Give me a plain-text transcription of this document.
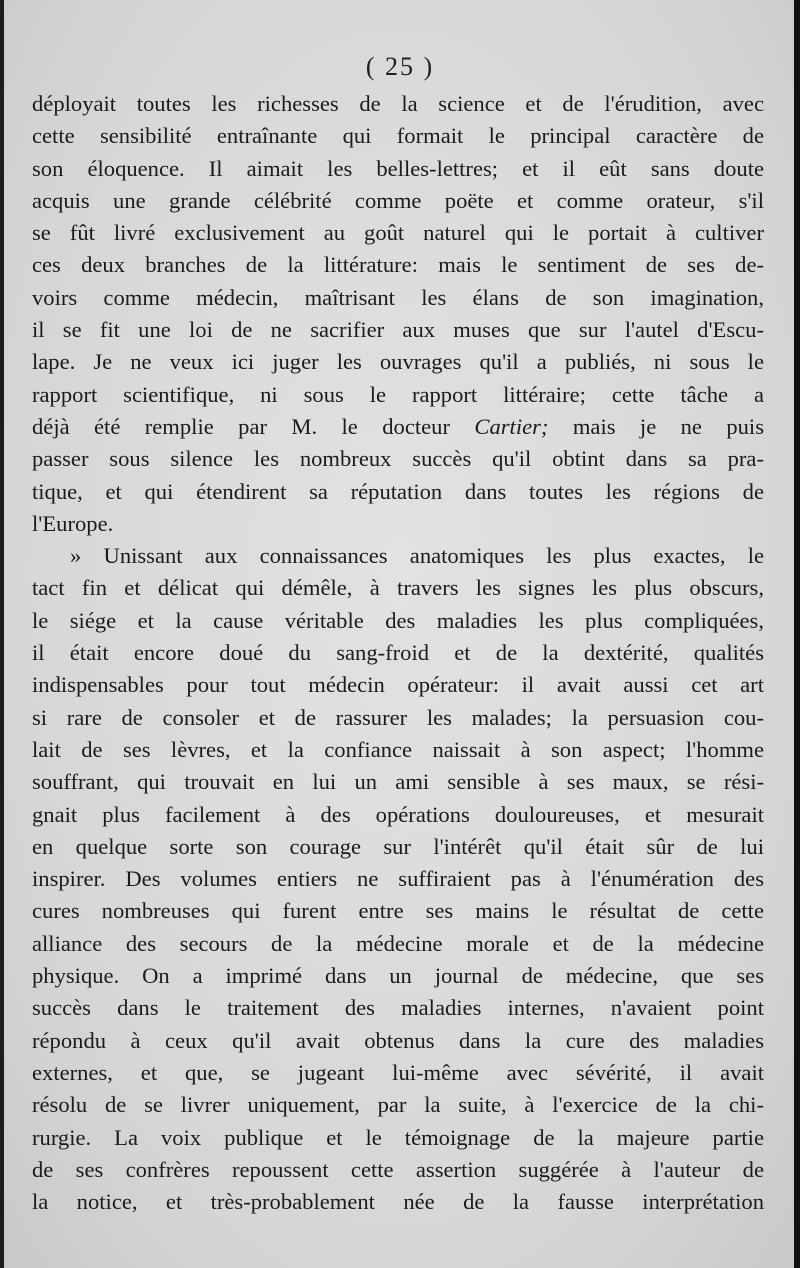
( 25 )
déployait toutes les richesses de la science et de l'érudition, avec
cette sensibilité entraînante qui formait le principal caractère de
son éloquence. Il aimait les belles-lettres; et il eût sans doute
acquis une grande célébrité comme poëte et comme orateur, s'il
se fût livré exclusivement au goût naturel qui le portait à cultiver
ces deux branches de la littérature: mais le sentiment de ses de-
voirs comme médecin, maîtrisant les élans de son imagination,
il se fit une loi de ne sacrifier aux muses que sur l'autel d'Escu-
lape. Je ne veux ici juger les ouvrages qu'il a publiés, ni sous le
rapport scientifique, ni sous le rapport littéraire; cette tâche a
déjà été remplie par M. le docteur Cartier; mais je ne puis
passer sous silence les nombreux succès qu'il obtint dans sa pra-
tique, et qui étendirent sa réputation dans toutes les régions de
l'Europe.
» Unissant aux connaissances anatomiques les plus exactes, le
tact fin et délicat qui démêle, à travers les signes les plus obscurs,
le siége et la cause véritable des maladies les plus compliquées,
il était encore doué du sang-froid et de la dextérité, qualités
indispensables pour tout médecin opérateur: il avait aussi cet art
si rare de consoler et de rassurer les malades; la persuasion cou-
lait de ses lèvres, et la confiance naissait à son aspect; l'homme
souffrant, qui trouvait en lui un ami sensible à ses maux, se rési-
gnait plus facilement à des opérations douloureuses, et mesurait
en quelque sorte son courage sur l'intérêt qu'il était sûr de lui
inspirer. Des volumes entiers ne suffiraient pas à l'énumération des
cures nombreuses qui furent entre ses mains le résultat de cette
alliance des secours de la médecine morale et de la médecine
physique. On a imprimé dans un journal de médecine, que ses
succès dans le traitement des maladies internes, n'avaient point
répondu à ceux qu'il avait obtenus dans la cure des maladies
externes, et que, se jugeant lui-même avec sévérité, il avait
résolu de se livrer uniquement, par la suite, à l'exercice de la chi-
rurgie. La voix publique et le témoignage de la majeure partie
de ses confrères repoussent cette assertion suggérée à l'auteur de
la notice, et très-probablement née de la fausse interprétation
